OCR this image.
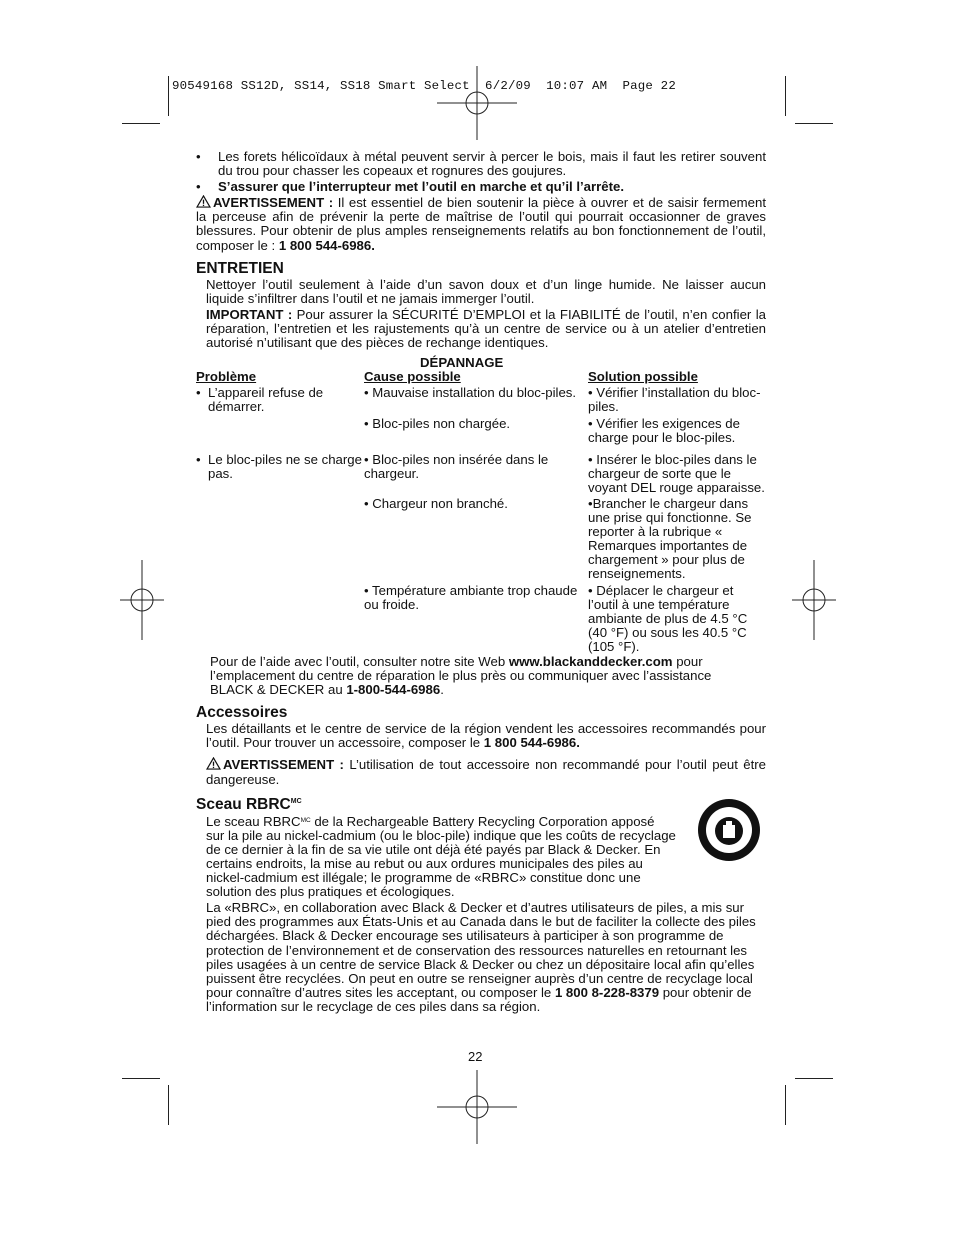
90549168 SS12D, SS14, SS18 Smart Select  6/2/09  10:07 AM  Page 22

• Les forets hélicoïdaux à métal peuvent servir à percer le bois, mais il faut les retirer souvent du trou pour chasser les copeaux et rognures des goujures.

• S’assurer que l’interrupteur met l’outil en marche et qu’il l’arrête.

AVERTISSEMENT : Il est essentiel de bien soutenir la pièce à ouvrer et de saisir fermement la perceuse afin de prévenir la perte de maîtrise de l’outil qui pourrait occasionner de graves blessures. Pour obtenir de plus amples renseignements relatifs au bon fonctionnement de l’outil, composer le : 1 800 544-6986.

ENTRETIEN

Nettoyer l’outil seulement à l’aide d’un savon doux et d’un linge humide. Ne laisser aucun liquide s’infiltrer dans l’outil et ne jamais immerger l’outil.

IMPORTANT : Pour assurer la SÉCURITÉ D’EMPLOI et la FIABILITÉ de l’outil, n’en confier la réparation, l’entretien et les rajustements qu’à un centre de service ou à un atelier d’entretien autorisé n’utilisant que des pièces de rechange identiques.

DÉPANNAGE

Problème	Cause possible	Solution possible

• L’appareil refuse de démarrer.	• Mauvaise installation du bloc-piles.	• Vérifier l’installation du bloc-piles.
	• Bloc-piles non chargée.	• Vérifier les exigences de charge pour le bloc-piles.

• Le bloc-piles ne se charge pas.	• Bloc-piles non insérée dans le chargeur.	• Insérer le bloc-piles dans le chargeur de sorte que le voyant DEL rouge apparaisse.
	• Chargeur non branché.	•Brancher le chargeur dans une prise qui fonctionne. Se reporter à la rubrique « Remarques importantes de chargement » pour plus de renseignements.
	• Température ambiante trop chaude ou froide.	• Déplacer le chargeur et l’outil à une température ambiante de plus de 4.5 °C (40 °F) ou sous les 40.5 °C (105 °F).

Pour de l’aide avec l’outil, consulter notre site Web www.blackanddecker.com pour l’emplacement du centre de réparation le plus près ou communiquer avec l’assistance BLACK & DECKER au 1-800-544-6986.

Accessoires

Les détaillants et le centre de service de la région vendent les accessoires recommandés pour l’outil. Pour trouver un accessoire, composer le 1 800 544-6986.

AVERTISSEMENT : L’utilisation de tout accessoire non recommandé pour l’outil peut être dangereuse.

Sceau $RBRC^{MC}$

Le sceau $RBRC^{MC}$ de la Rechargeable Battery Recycling Corporation apposé sur la pile au nickel-cadmium (ou le bloc-pile) indique que les coûts de recyclage de ce dernier à la fin de sa vie utile ont déjà été payés par Black & Decker. En certains endroits, la mise au rebut ou aux ordures municipales des piles au nickel-cadmium est illégale; le programme de «RBRC» constitue donc une solution des plus pratiques et écologiques.

La «RBRC», en collaboration avec Black & Decker et d’autres utilisateurs de piles, a mis sur pied des programmes aux États-Unis et au Canada dans le but de faciliter la collecte des piles déchargées. Black & Decker encourage ses utilisateurs à participer à son programme de protection de l’environnement et de conservation des ressources naturelles en retournant les piles usagées à un centre de service Black & Decker ou chez un dépositaire local afin qu’elles puissent être recyclées. On peut en outre se renseigner auprès d’un centre de recyclage local pour connaître d’autres sites les acceptant, ou composer le 1 800 8-228-8379 pour obtenir de l’information sur le recyclage de ces piles dans sa région.

22
